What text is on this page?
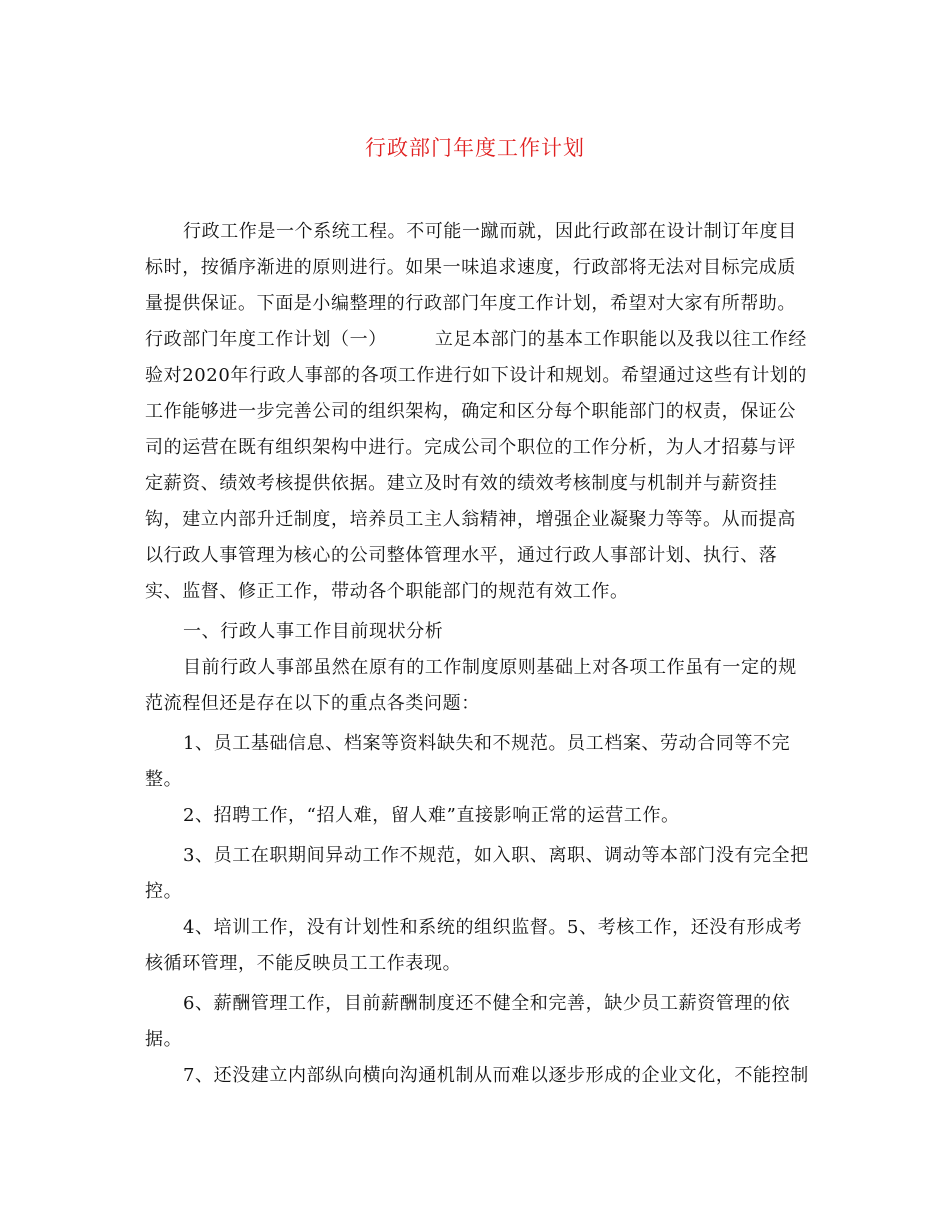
行政部门年度工作计划
行政工作是一个系统工程。不可能一蹴而就，因此行政部在设计制订年度目
标时，按循序渐进的原则进行。如果一味追求速度，行政部将无法对目标完成质
量提供保证。下面是小编整理的行政部门年度工作计划，希望对大家有所帮助。
行政部门年度工作计划（一）	立足本部门的基本工作职能以及我以往工作经
验对2020年行政人事部的各项工作进行如下设计和规划。希望通过这些有计划的
工作能够进一步完善公司的组织架构，确定和区分每个职能部门的权责，保证公
司的运营在既有组织架构中进行。完成公司个职位的工作分析，为人才招募与评
定薪资、绩效考核提供依据。建立及时有效的绩效考核制度与机制并与薪资挂
钩，建立内部升迁制度，培养员工主人翁精神，增强企业凝聚力等等。从而提高
以行政人事管理为核心的公司整体管理水平，通过行政人事部计划、执行、落
实、监督、修正工作，带动各个职能部门的规范有效工作。
一、行政人事工作目前现状分析
目前行政人事部虽然在原有的工作制度原则基础上对各项工作虽有一定的规
范流程但还是存在以下的重点各类问题：
1、员工基础信息、档案等资料缺失和不规范。员工档案、劳动合同等不完
整。
2、招聘工作，“招人难，留人难”直接影响正常的运营工作。
3、员工在职期间异动工作不规范，如入职、离职、调动等本部门没有完全把
控。
4、培训工作，没有计划性和系统的组织监督。5、考核工作，还没有形成考
核循环管理，不能反映员工工作表现。
6、薪酬管理工作，目前薪酬制度还不健全和完善，缺少员工薪资管理的依
据。
7、还没建立内部纵向横向沟通机制从而难以逐步形成的企业文化，不能控制
